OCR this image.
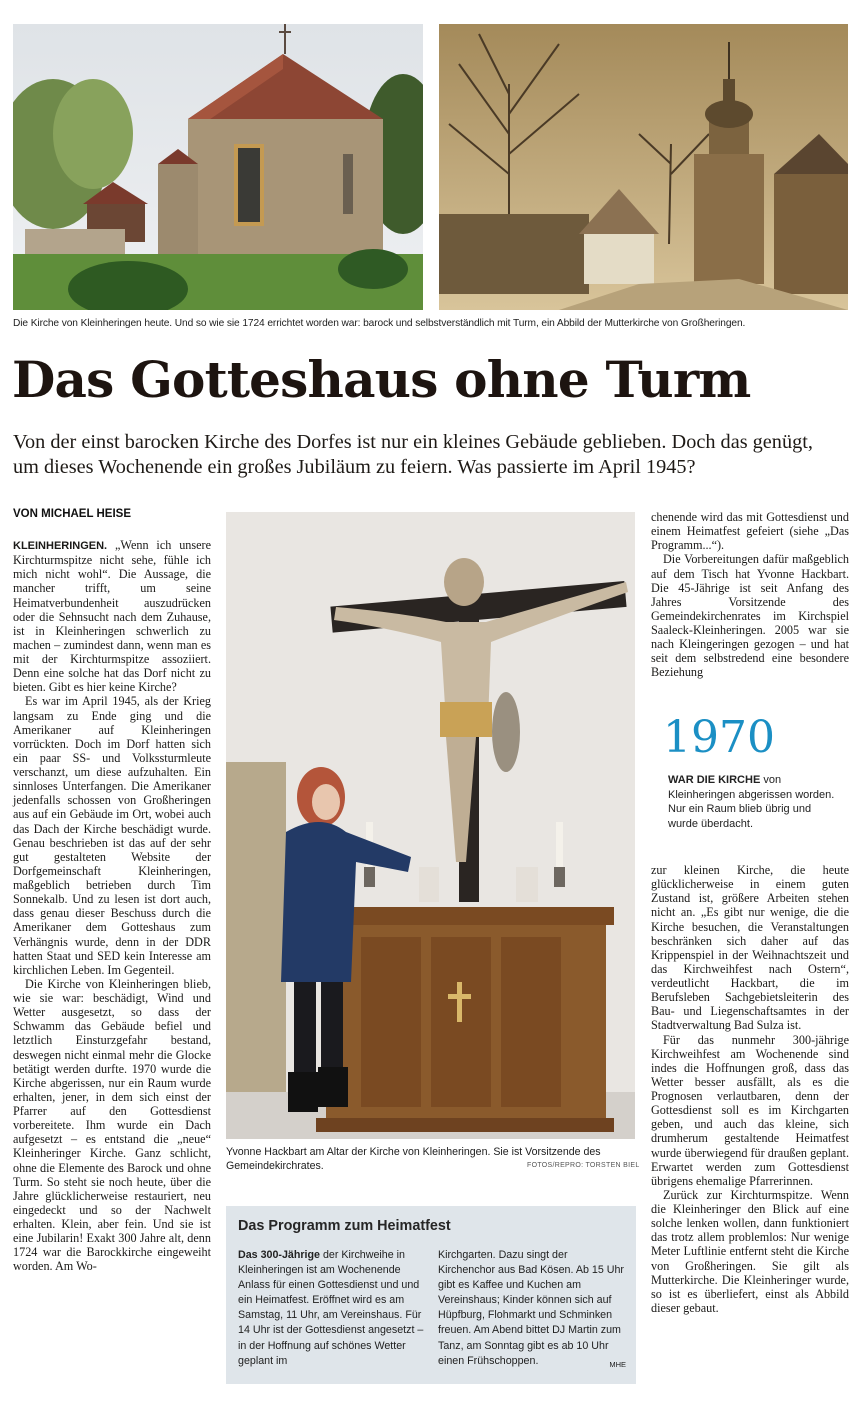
Die Kirche von Kleinheringen heute. Und so wie sie 1724 errichtet worden war: barock und selbstverständlich mit Turm, ein Abbild der Mutterkirche von Großheringen.
Das Gotteshaus ohne Turm

Von der einst barocken Kirche des Dorfes ist nur ein kleines Gebäude geblieben. Doch das genügt, um dieses Wochenende ein großes Jubiläum zu feiern. Was passierte im April 1945?

VON MICHAEL HEISE

KLEINHERINGEN. „Wenn ich unsere Kirchturmspitze nicht sehe, fühle ich mich nicht wohl“. Die Aussage, die mancher trifft, um seine Heimatverbundenheit auszudrücken oder die Sehnsucht nach dem Zuhause, ist in Kleinheringen schwerlich zu machen – zumindest dann, wenn man es mit der Kirchturmspitze assoziiert. Denn eine solche hat das Dorf nicht zu bieten. Gibt es hier keine Kirche?

Es war im April 1945, als der Krieg langsam zu Ende ging und die Amerikaner auf Kleinheringen vorrückten. Doch im Dorf hatten sich ein paar SS- und Volkssturmleute verschanzt, um diese aufzuhalten. Ein sinnloses Unterfangen. Die Amerikaner jedenfalls schossen von Großheringen aus auf ein Gebäude im Ort, wobei auch das Dach der Kirche beschädigt wurde. Genau beschrieben ist das auf der sehr gut gestalteten Website der Dorfgemeinschaft Kleinheringen, maßgeblich betrieben durch Tim Sonnekalb. Und zu lesen ist dort auch, dass genau dieser Beschuss durch die Amerikaner dem Gotteshaus zum Verhängnis wurde, denn in der DDR hatten Staat und SED kein Interesse am kirchlichen Leben. Im Gegenteil.

Die Kirche von Kleinheringen blieb, wie sie war: beschädigt, Wind und Wetter ausgesetzt, so dass der Schwamm das Gebäude befiel und letztlich Einsturzgefahr bestand, deswegen nicht einmal mehr die Glocke betätigt werden durfte. 1970 wurde die Kirche abgerissen, nur ein Raum wurde erhalten, jener, in dem sich einst der Pfarrer auf den Gottesdienst vorbereitete. Ihm wurde ein Dach aufgesetzt – es entstand die „neue“ Kleinheringer Kirche. Ganz schlicht, ohne die Elemente des Barock und ohne Turm. So steht sie noch heute, über die Jahre glücklicherweise restauriert, neu eingedeckt und so der Nachwelt erhalten. Klein, aber fein. Und sie ist eine Jubilarin! Exakt 300 Jahre alt, denn 1724 war die Barockkirche eingeweiht worden. Am Wo-

Yvonne Hackbart am Altar der Kirche von Kleinheringen. Sie ist Vorsitzende des Gemeindekirchrates.	FOTOS/REPRO: TORSTEN BIEL
Das Programm zum Heimatfest
Das 300-Jährige der Kirchweihe in Kleinheringen ist am Wochenende Anlass für einen Gottesdienst und und ein Heimatfest. Eröffnet wird es am Samstag, 11 Uhr, am Vereinshaus. Für 14 Uhr ist der Gottesdienst angesetzt – in der Hoffnung auf schönes Wetter geplant im
Kirchgarten. Dazu singt der Kirchenchor aus Bad Kösen. Ab 15 Uhr gibt es Kaffee und Kuchen am Vereinshaus; Kinder können sich auf Hüpfburg, Flohmarkt und Schminken freuen. Am Abend bittet DJ Martin zum Tanz, am Sonntag gibt es ab 10 Uhr einen Frühschoppen.	MHE

chenende wird das mit Gottesdienst und einem Heimatfest gefeiert (siehe „Das Programm...“).

Die Vorbereitungen dafür maßgeblich auf dem Tisch hat Yvonne Hackbart. Die 45-Jährige ist seit Anfang des Jahres Vorsitzende des Gemeindekirchenrates im Kirchspiel Saaleck-Kleinheringen. 2005 war sie nach Kleingeringen gezogen – und hat seit dem selbstredend eine besondere Beziehung

1970
WAR DIE KIRCHE von Kleinheringen abgerissen worden. Nur ein Raum blieb übrig und wurde überdacht.

zur kleinen Kirche, die heute glücklicherweise in einem guten Zustand ist, größere Arbeiten stehen nicht an. „Es gibt nur wenige, die die Kirche besuchen, die Veranstaltungen beschränken sich daher auf das Krippenspiel in der Weihnachtszeit und das Kirchweihfest nach Ostern“, verdeutlicht Hackbart, die im Berufsleben Sachgebietsleiterin des Bau- und Liegenschaftsamtes in der Stadtverwaltung Bad Sulza ist.

Für das nunmehr 300-jährige Kirchweihfest am Wochenende sind indes die Hoffnungen groß, dass das Wetter besser ausfällt, als es die Prognosen verlautbaren, denn der Gottesdienst soll es im Kirchgarten geben, und auch das kleine, sich drumherum gestaltende Heimatfest wurde überwiegend für draußen geplant. Erwartet werden zum Gottesdienst übrigens ehemalige Pfarrerinnen.

Zurück zur Kirchturmspitze. Wenn die Kleinheringer den Blick auf eine solche lenken wollen, dann funktioniert das trotz allem problemlos: Nur wenige Meter Luftlinie entfernt steht die Kirche von Großheringen. Sie gilt als Mutterkirche. Die Kleinheringer wurde, so ist es überliefert, einst als Abbild dieser gebaut.
